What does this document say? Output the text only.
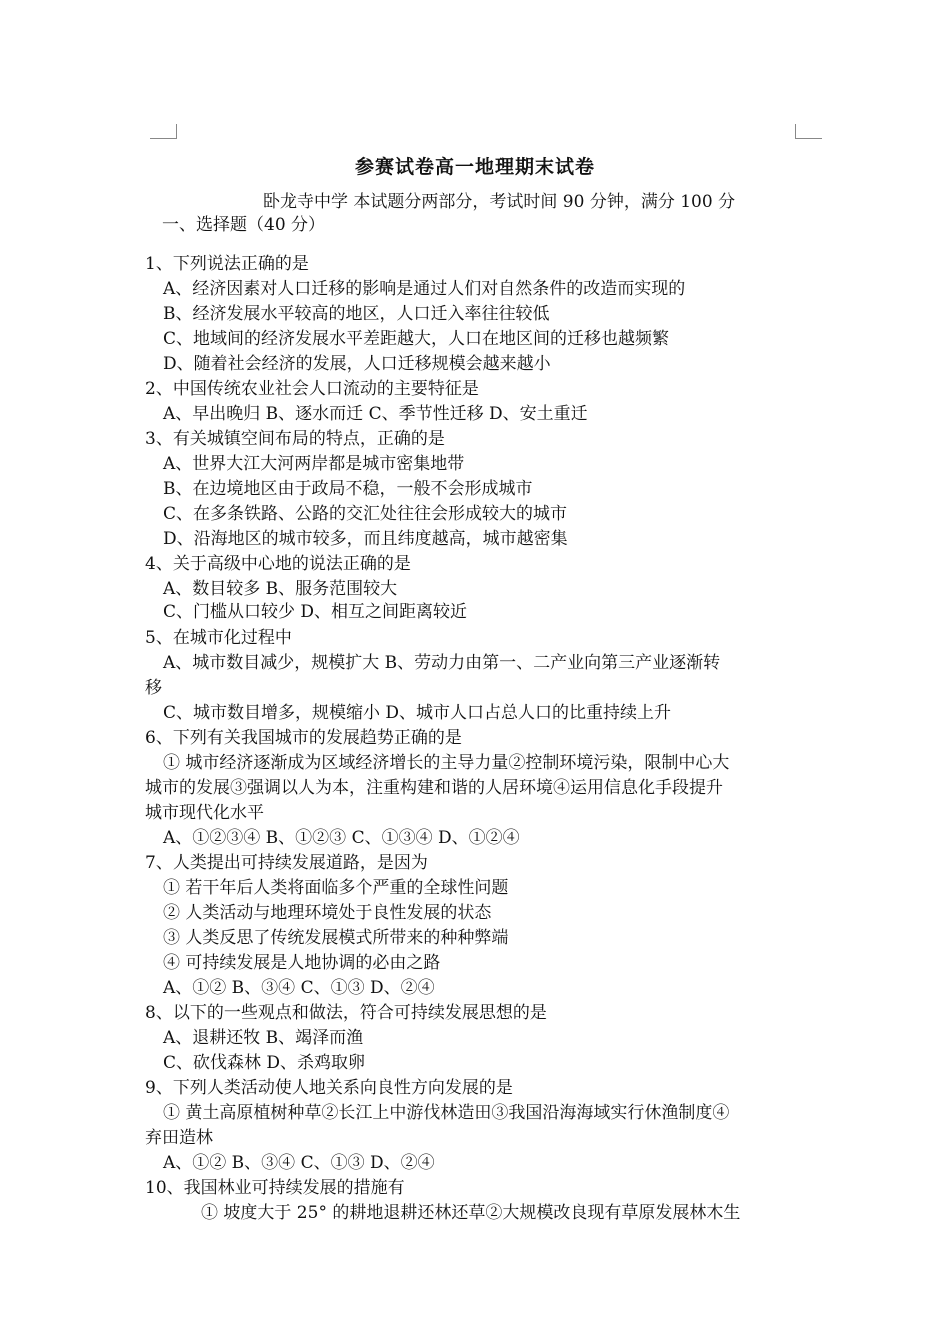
参赛试卷高一地理期末试卷
卧龙寺中学 本试题分两部分，考试时间 90 分钟，满分 100 分
一、选择题（40 分）
1、下列说法正确的是
A、经济因素对人口迁移的影响是通过人们对自然条件的改造而实现的
B、经济发展水平较高的地区，人口迁入率往往较低
C、地域间的经济发展水平差距越大，人口在地区间的迁移也越频繁
D、随着社会经济的发展，人口迁移规模会越来越小
2、中国传统农业社会人口流动的主要特征是
A、早出晚归 B、逐水而迁 C、季节性迁移 D、安土重迁
3、有关城镇空间布局的特点，正确的是
A、世界大江大河两岸都是城市密集地带
B、在边境地区由于政局不稳，一般不会形成城市
C、在多条铁路、公路的交汇处往往会形成较大的城市
D、沿海地区的城市较多，而且纬度越高，城市越密集
4、关于高级中心地的说法正确的是
A、数目较多 B、服务范围较大
C、门槛从口较少 D、相互之间距离较近
5、在城市化过程中
A、城市数目减少，规模扩大 B、劳动力由第一、二产业向第三产业逐渐转
移
C、城市数目增多，规模缩小 D、城市人口占总人口的比重持续上升
6、下列有关我国城市的发展趋势正确的是
① 城市经济逐渐成为区域经济增长的主导力量②控制环境污染，限制中心大
城市的发展③强调以人为本，注重构建和谐的人居环境④运用信息化手段提升
城市现代化水平
A、①②③④ B、①②③ C、①③④ D、①②④
7、人类提出可持续发展道路，是因为
① 若干年后人类将面临多个严重的全球性问题
② 人类活动与地理环境处于良性发展的状态
③ 人类反思了传统发展模式所带来的种种弊端
④ 可持续发展是人地协调的必由之路
A、①② B、③④ C、①③ D、②④
8、以下的一些观点和做法，符合可持续发展思想的是
A、退耕还牧 B、竭泽而渔
C、砍伐森林 D、杀鸡取卵
9、下列人类活动使人地关系向良性方向发展的是
① 黄土高原植树种草②长江上中游伐林造田③我国沿海海域实行休渔制度④
弃田造林
A、①② B、③④ C、①③ D、②④
10、我国林业可持续发展的措施有
① 坡度大于 25° 的耕地退耕还林还草②大规模改良现有草原发展林木生
